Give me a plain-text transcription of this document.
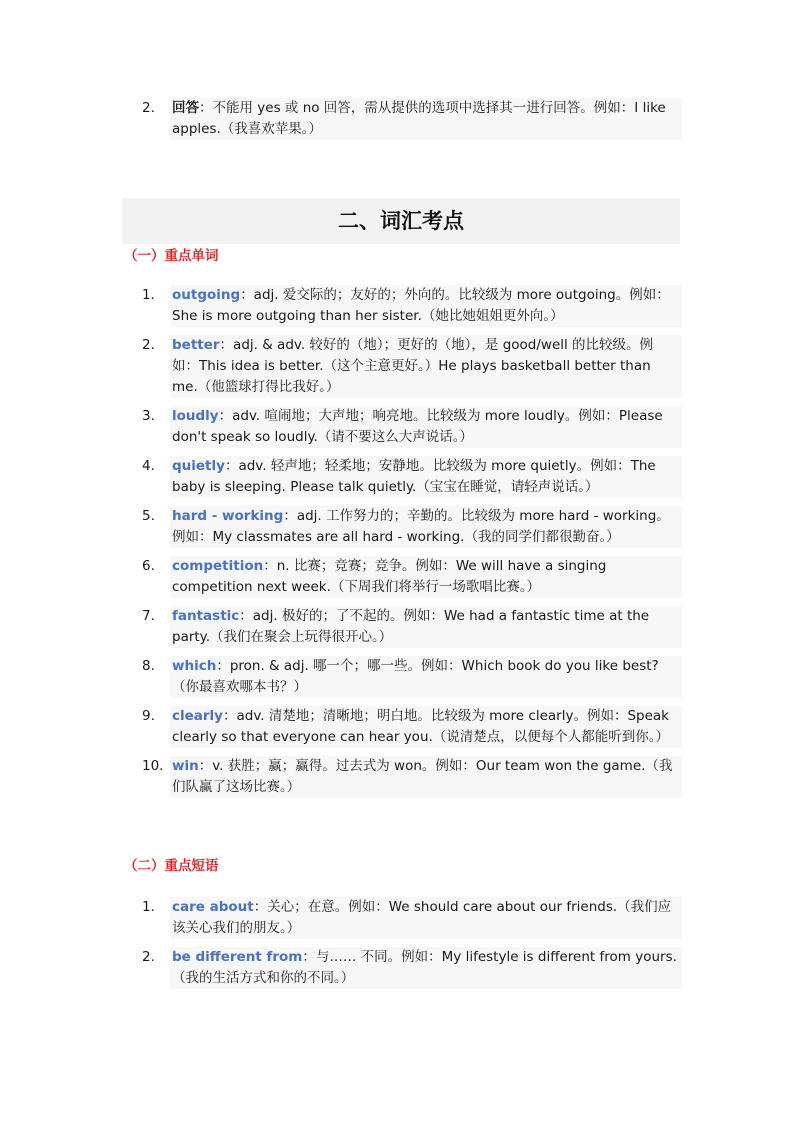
2.	回答：不能用 yes 或 no 回答，需从提供的选项中选择其一进行回答。例如：I like apples.（我喜欢苹果。）
二、词汇考点
（一）重点单词
1.	outgoing：adj. 爱交际的；友好的；外向的。比较级为 more outgoing。例如：She is more outgoing than her sister.（她比她姐姐更外向。）
2.	better：adj. & adv. 较好的（地）；更好的（地），是 good/well 的比较级。例如：This idea is better.（这个主意更好。）He plays basketball better than me.（他篮球打得比我好。）
3.	loudly：adv. 喧闹地；大声地；响亮地。比较级为 more loudly。例如：Please don't speak so loudly.（请不要这么大声说话。）
4.	quietly：adv. 轻声地；轻柔地；安静地。比较级为 more quietly。例如：The baby is sleeping. Please talk quietly.（宝宝在睡觉，请轻声说话。）
5.	hard - working：adj. 工作努力的；辛勤的。比较级为 more hard - working。例如：My classmates are all hard - working.（我的同学们都很勤奋。）
6.	competition：n. 比赛；竞赛；竞争。例如：We will have a singing competition next week.（下周我们将举行一场歌唱比赛。）
7.	fantastic：adj. 极好的；了不起的。例如：We had a fantastic time at the party.（我们在聚会上玩得很开心。）
8.	which：pron. & adj. 哪一个；哪一些。例如：Which book do you like best?（你最喜欢哪本书？）
9.	clearly：adv. 清楚地；清晰地；明白地。比较级为 more clearly。例如：Speak clearly so that everyone can hear you.（说清楚点，以便每个人都能听到你。）
10. win：v. 获胜；赢；赢得。过去式为 won。例如：Our team won the game.（我们队赢了这场比赛。）
（二）重点短语
1.	care about：关心；在意。例如：We should care about our friends.（我们应该关心我们的朋友。）
2.	be different from：与…… 不同。例如：My lifestyle is different from yours.（我的生活方式和你的不同。）
